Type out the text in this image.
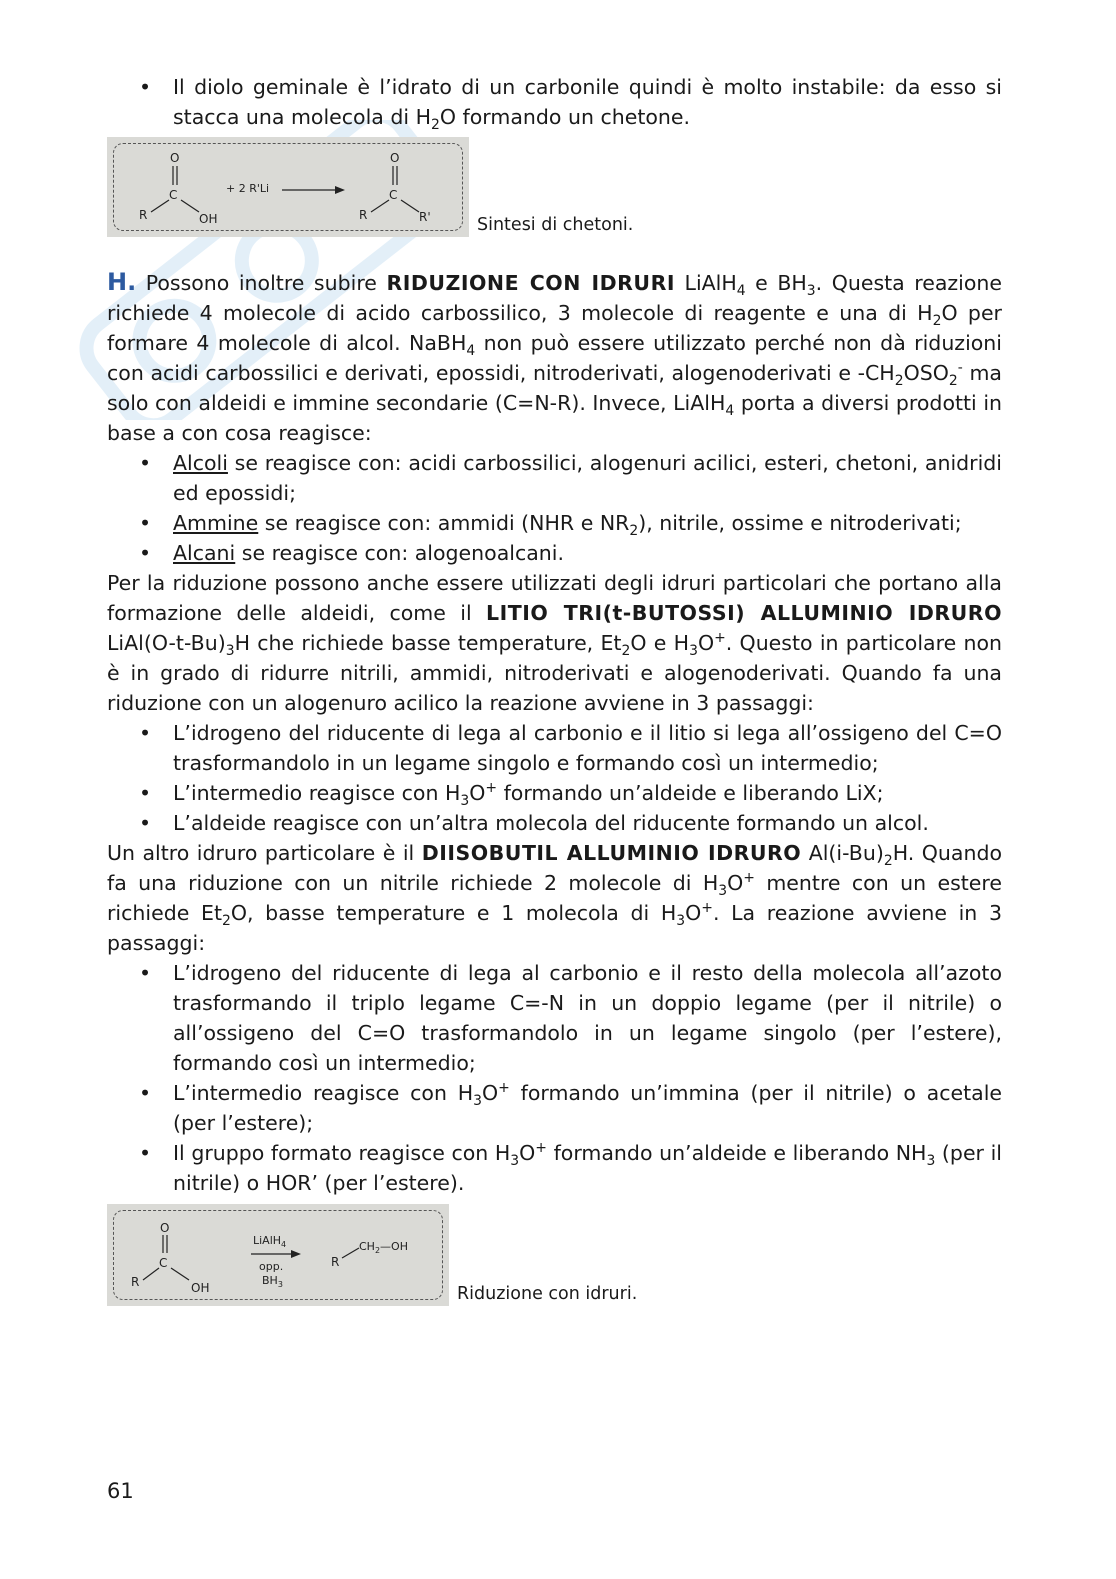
• Il diolo geminale è l’idrato di un carbonile quindi è molto instabile: da esso si stacca una molecola di $H_2O$ formando un chetone.
O
C
R	OH
+ 2 R'Li
O
C
R	R'	Sintesi di chetoni.

H. Possono inoltre subire RIDUZIONE CON IDRURI LiAlH$_4$ e $BH_3$. Questa reazione richiede 4 molecole di acido carbossilico, 3 molecole di reagente e una di $H_2O$ per formare 4 molecole di alcol. NaBH$_4$ non può essere utilizzato perché non dà riduzioni con acidi carbossilici e derivati, epossidi, nitroderivati, alogenoderivati e $-CH_2OSO_2^-$ ma solo con aldeidi e immine secondarie (C=N-R). Invece, LiAlH$_4$ porta a diversi prodotti in base a con cosa reagisce:

• Alcoli se reagisce con: acidi carbossilici, alogenuri acilici, esteri, chetoni, anidridi ed epossidi;
• Ammine se reagisce con: ammidi (NHR e $NR_2$), nitrile, ossime e nitroderivati;
• Alcani se reagisce con: alogenoalcani.

Per la riduzione possono anche essere utilizzati degli idruri particolari che portano alla formazione delle aldeidi, come il LITIO TRI(t-BUTOSSI) ALLUMINIO IDRURO $LiAl(O-t-Bu)_3H$ che richiede basse temperature, $Et_2O$ e $H_3O^+$. Questo in particolare non è in grado di ridurre nitrili, ammidi, nitroderivati e alogenoderivati. Quando fa una riduzione con un alogenuro acilico la reazione avviene in 3 passaggi:

• L’idrogeno del riducente di lega al carbonio e il litio si lega all’ossigeno del C=O trasformandolo in un legame singolo e formando così un intermedio;
• L’intermedio reagisce con $H_3O^+$ formando un’aldeide e liberando LiX;
• L’aldeide reagisce con un’altra molecola del riducente formando un alcol.

Un altro idruro particolare è il DIISOBUTIL ALLUMINIO IDRURO $Al(i-Bu)_2H$. Quando fa una riduzione con un nitrile richiede 2 molecole di $H_3O^+$ mentre con un estere richiede $Et_2O$, basse temperature e 1 molecola di $H_3O^+$. La reazione avviene in 3 passaggi:

• L’idrogeno del riducente di lega al carbonio e il resto della molecola all’azoto trasformando il triplo legame C=-N in un doppio legame (per il nitrile) o all’ossigeno del C=O trasformandolo in un legame singolo (per l’estere), formando così un intermedio;
• L’intermedio reagisce con $H_3O^+$ formando un’immina (per il nitrile) o acetale (per l’estere);
• Il gruppo formato reagisce con $H_3O^+$ formando un’aldeide e liberando $NH_3$ (per il nitrile) o HOR’ (per l’estere).
O
C
R	OH
LiAlH$_4$
opp.
$BH_3$
R
$CH_2—OH$
Riduzione con idruri.
61
